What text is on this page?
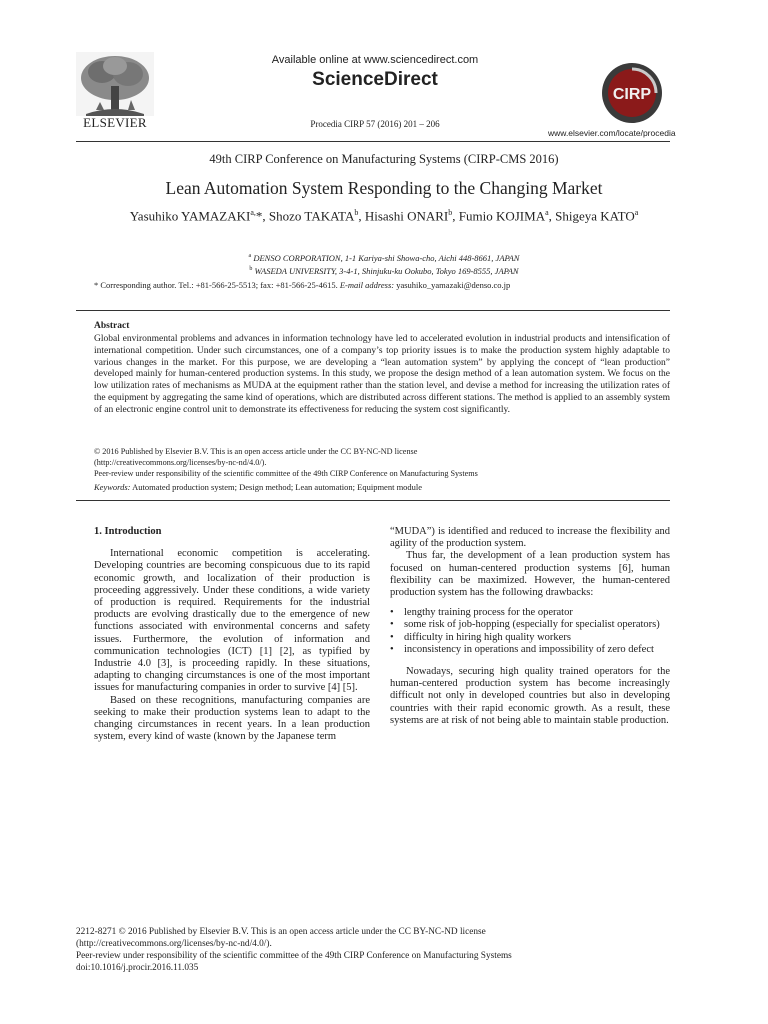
ELSEVIER
Available online at www.sciencedirect.com
ScienceDirect
Procedia CIRP 57 (2016) 201 – 206
CIRP
www.elsevier.com/locate/procedia
49th CIRP Conference on Manufacturing Systems (CIRP-CMS 2016)
Lean Automation System Responding to the Changing Market
Yasuhiko $YAMAZAKI^{a,}*$, Shozo TAKATA$^b$, Hisashi ONARI$^b$, Fumio KOJIMA$^a$, Shigeya KATO$^a$
$^a$ DENSO CORPORATION, 1-1 Kariya-shi Showa-cho, Aichi 448-8661, JAPAN
$^b$ WASEDA UNIVERSITY, 3-4-1, Shinjuku-ku Ookubo, Tokyo 169-8555, JAPAN
* Corresponding author. Tel.: +81-566-25-5513; fax: +81-566-25-4615. E-mail address: yasuhiko_yamazaki@denso.co.jp
Abstract
Global environmental problems and advances in information technology have led to accelerated evolution in industrial products and intensification of international competition. Under such circumstances, one of a company’s top priority issues is to make the production system highly adaptable to various changes in the market. For this purpose, we are developing a “lean automation system” by applying the concept of “lean production” developed mainly for human-centered production systems. In this study, we propose the design method of a lean automation system. We focus on the low utilization rates of mechanisms as MUDA at the equipment rather than the station level, and devise a method for increasing the utilization rates of the equipment by aggregating the same kind of operations, which are distributed across different stations. The method is applied to an assembly system of an electronic engine control unit to demonstrate its effectiveness for reducing the system cost significantly.
© 2016 Published by Elsevier B.V. This is an open access article under the CC BY-NC-ND license
(http://creativecommons.org/licenses/by-nc-nd/4.0/).
Peer-review under responsibility of the scientific committee of the 49th CIRP Conference on Manufacturing Systems
Keywords: Automated production system; Design method; Lean automation; Equipment module
1. Introduction

International economic competition is accelerating. Developing countries are becoming conspicuous due to its rapid economic growth, and localization of their production is proceeding aggressively. Under these conditions, a wide variety of production is required. Requirements for the industrial products are evolving drastically due to the emergence of new functions associated with environmental concerns and safety issues. Furthermore, the evolution of information and communication technologies (ICT) [1] [2], as typified by Industrie 4.0 [3], is proceeding rapidly. In these situations, adapting to changing circumstances is one of the most important issues for manufacturing companies in order to survive [4] [5].

Based on these recognitions, manufacturing companies are seeking to make their production systems lean to adapt to the changing circumstances in recent years. In a lean production system, every kind of waste (known by the Japanese term

“MUDA”) is identified and reduced to increase the flexibility and agility of the production system.

Thus far, the development of a lean production system has focused on human-centered production systems [6], human flexibility can be maximized. However, the human-centered production system has the following drawbacks:

• lengthy training process for the operator
• some risk of job-hopping (especially for specialist operators)
• difficulty in hiring high quality workers
• inconsistency in operations and impossibility of zero defect

Nowadays, securing high quality trained operators for the human-centered production system has become increasingly difficult not only in developed countries but also in developing countries with their rapid economic growth. As a result, these systems are at risk of not being able to maintain stable production.

2212-8271 © 2016 Published by Elsevier B.V. This is an open access article under the CC BY-NC-ND license
(http://creativecommons.org/licenses/by-nc-nd/4.0/).
Peer-review under responsibility of the scientific committee of the 49th CIRP Conference on Manufacturing Systems
doi:10.1016/j.procir.2016.11.035
